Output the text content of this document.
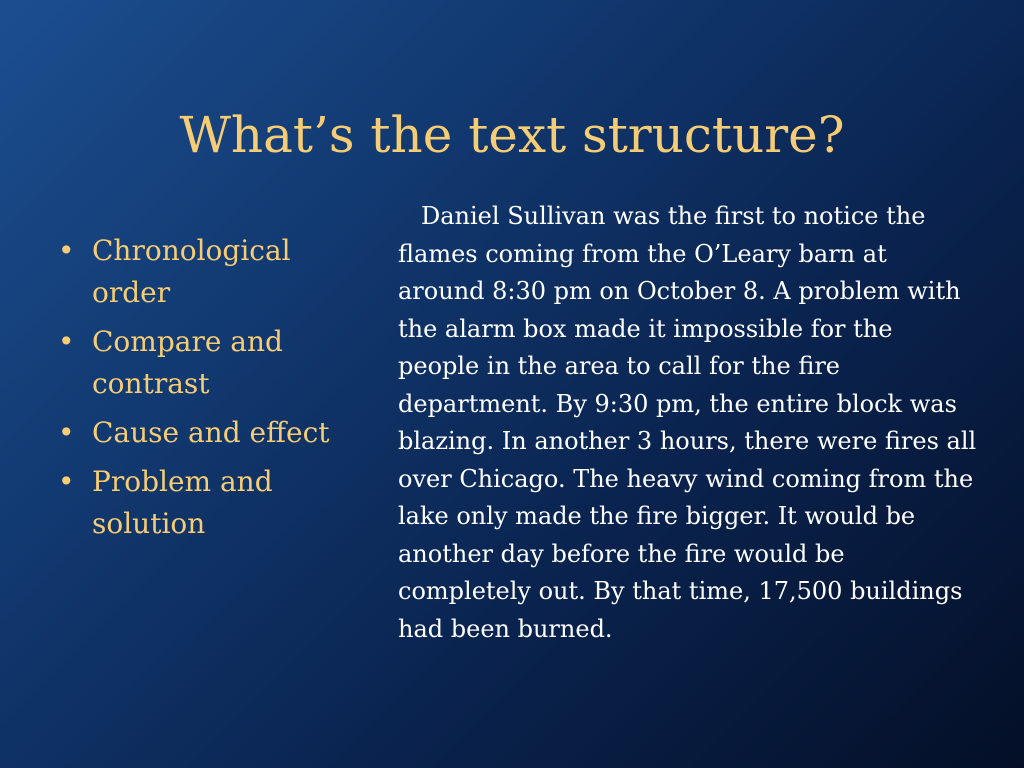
What’s the text structure?
• Chronological order
• Compare and contrast
• Cause and effect
• Problem and solution

Daniel Sullivan was the first to notice the flames coming from the O’Leary barn at around 8:30 pm on October 8. A problem with the alarm box made it impossible for the people in the area to call for the fire department. By 9:30 pm, the entire block was blazing. In another 3 hours, there were fires all over Chicago. The heavy wind coming from the lake only made the fire bigger. It would be another day before the fire would be completely out. By that time, 17,500 buildings had been burned.
